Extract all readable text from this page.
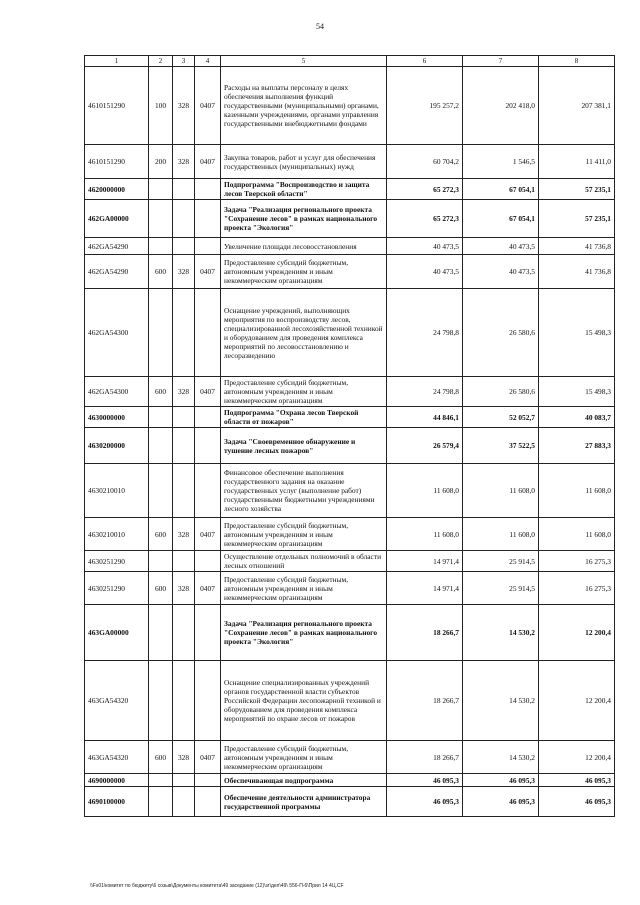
54
1	2	3	4	5	6	7	8
4610151290	100	328	0407	Расходы на выплаты персоналу в целях обеспечения выполнения функций государственными (муниципальными) органами, казенными учреждениями, органами управления государственными внебюджетными фондами	195 257,2	202 418,0	207 381,1
4610151290	200	328	0407	Закупка товаров, работ и услуг для обеспечения государственных (муниципальных) нужд	60 704,2	1 546,5	11 411,0
4620000000				Подпрограмма "Воспроизводство и защита лесов Тверской области"	65 272,3	67 054,1	57 235,1
462GA00000				Задача "Реализация регионального проекта "Сохранение лесов" в рамках национального проекта "Экология"	65 272,3	67 054,1	57 235,1
462GA54290				Увеличение площади лесовосстановления	40 473,5	40 473,5	41 736,8
462GA54290	600	328	0407	Предоставление субсидий бюджетным, автономным учреждениям и иным некоммерческим организациям	40 473,5	40 473,5	41 736,8
462GA54300				Оснащение учреждений, выполняющих мероприятия по воспроизводству лесов, специализированной лесохозяйственной техникой и оборудованием для проведения комплекса мероприятий по лесовосстановлению и лесоразведению	24 798,8	26 580,6	15 498,3
462GA54300	600	328	0407	Предоставление субсидий бюджетным, автономным учреждениям и иным некоммерческим организациям	24 798,8	26 580,6	15 498,3
4630000000				Подпрограмма "Охрана лесов Тверской области от пожаров"	44 846,1	52 052,7	40 083,7
4630200000				Задача "Своевременное обнаружение и тушение лесных пожаров"	26 579,4	37 522,5	27 883,3
4630210010				Финансовое обеспечение выполнения государственного задания на оказание государственных услуг (выполнение работ) государственными бюджетными учреждениями лесного хозяйства	11 608,0	11 608,0	11 608,0
4630210010	600	328	0407	Предоставление субсидий бюджетным, автономным учреждениям и иным некоммерческим организациям	11 608,0	11 608,0	11 608,0
4630251290				Осуществление отдельных полномочий в области лесных отношений	14 971,4	25 914,5	16 275,3
4630251290	600	328	0407	Предоставление субсидий бюджетным, автономным учреждениям и иным некоммерческим организациям	14 971,4	25 914,5	16 275,3
463GA00000				Задача "Реализация регионального проекта "Сохранение лесов" в рамках национального проекта "Экология"	18 266,7	14 530,2	12 200,4
463GA54320				Оснащение специализированных учреждений органов государственной власти субъектов Российской Федерации лесопожарной техникой и оборудованием для проведения комплекса мероприятий по охране лесов от пожаров	18 266,7	14 530,2	12 200,4
463GA54320	600	328	0407	Предоставление субсидий бюджетным, автономным учреждениям и иным некоммерческим организациям	18 266,7	14 530,2	12 200,4
4690000000				Обеспечивающая подпрограмма	46 095,3	46 095,3	46 095,3
4690100000				Обеспечение деятельности администратора государственной программы	46 095,3	46 095,3	46 095,3
\\Fs01\комитет по бюджету\6 созыв\Документы комитета\49 заседание (12)\зг\дел\49\ 556-П-6\Прил 14 4Ц.CF
